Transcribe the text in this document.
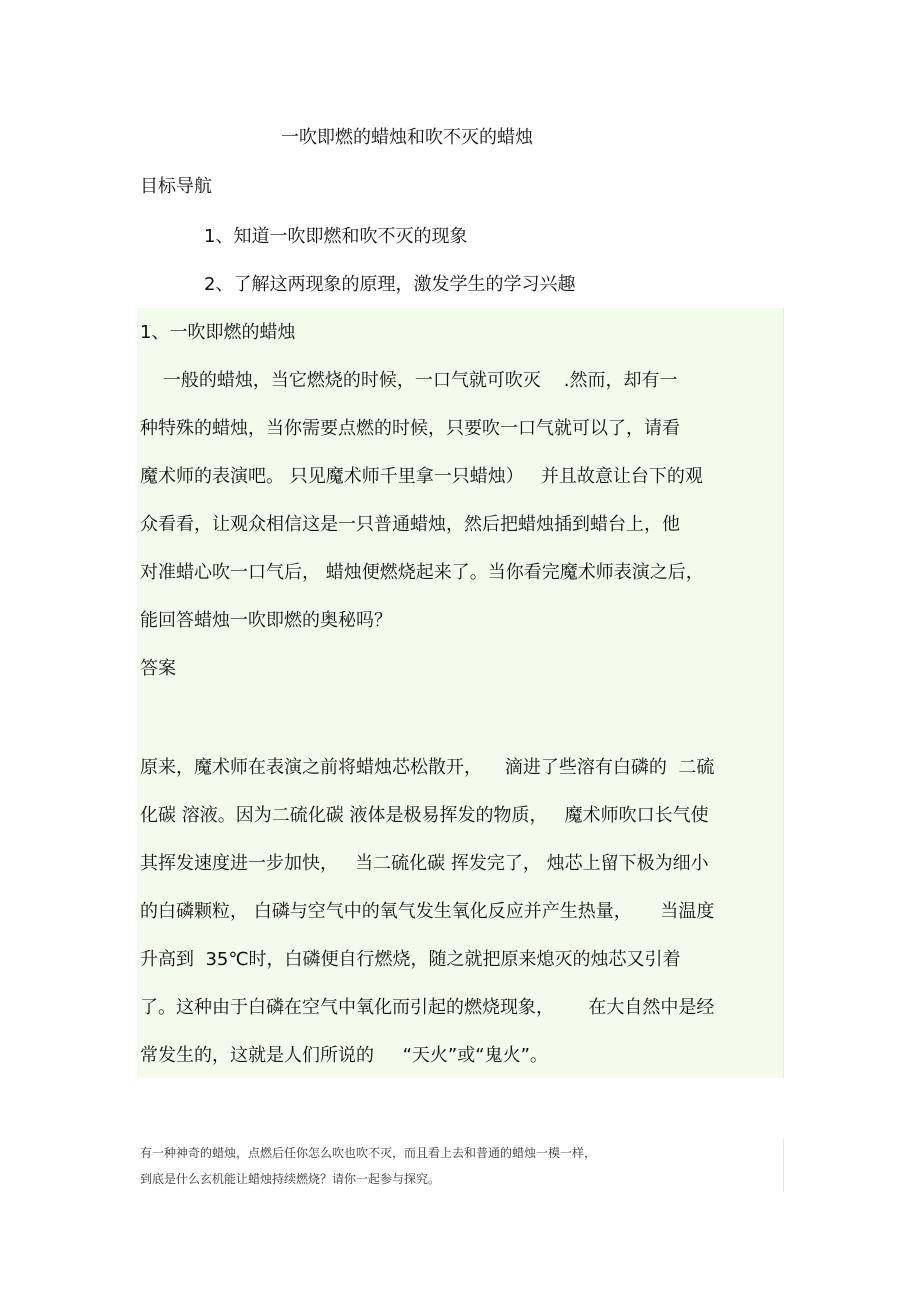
一吹即燃的蜡烛和吹不灭的蜡烛
目标导航
1、知道一吹即燃和吹不灭的现象
2、了解这两现象的原理，激发学生的学习兴趣
1、一吹即燃的蜡烛
一般的蜡烛，当它燃烧的时候，一口气就可吹灭    .然而，却有一
种特殊的蜡烛，当你需要点燃的时候，只要吹一口气就可以了，请看
魔术师的表演吧。 只见魔术师千里拿一只蜡烛）   并且故意让台下的观
众看看，让观众相信这是一只普通蜡烛，然后把蜡烛插到蜡台上，他
对准蜡心吹一口气后， 蜡烛便燃烧起来了。当你看完魔术师表演之后，
能回答蜡烛一吹即燃的奥秘吗？
答案
原来，魔术师在表演之前将蜡烛芯松散开，    滴进了些溶有白磷的  二硫
化碳 溶液。因为二硫化碳 液体是极易挥发的物质，   魔术师吹口长气使
其挥发速度进一步加快，   当二硫化碳 挥发完了， 烛芯上留下极为细小
的白磷颗粒， 白磷与空气中的氧气发生氧化反应并产生热量，     当温度
升高到  35℃时，白磷便自行燃烧，随之就把原来熄灭的烛芯又引着
了。这种由于白磷在空气中氧化而引起的燃烧现象，      在大自然中是经
常发生的，这就是人们所说的     “天火”或“鬼火”。
有一种神奇的蜡烛，点燃后任你怎么吹也吹不灭，而且看上去和普通的蜡烛一模一样，
到底是什么玄机能让蜡烛持续燃烧？请你一起参与探究。
